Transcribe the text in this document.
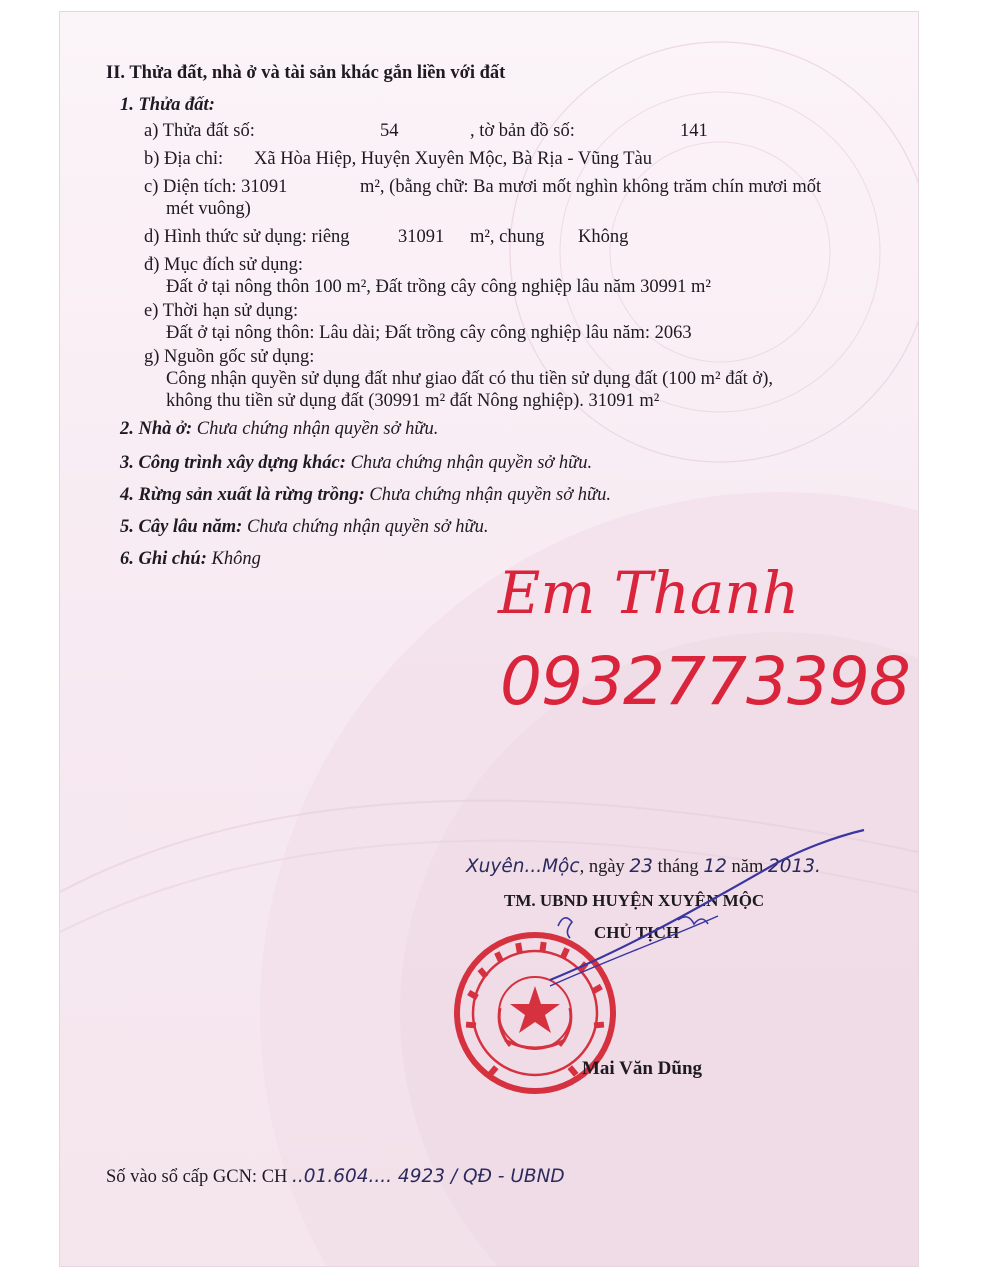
II. Thửa đất, nhà ở và tài sản khác gắn liền với đất
1. Thửa đất:
a) Thửa đất số:	54	, tờ bản đồ số:	141
b) Địa chỉ: Xã Hòa Hiệp, Huyện Xuyên Mộc, Bà Rịa - Vũng Tàu
c) Diện tích: 31091	m², (bằng chữ: Ba mươi mốt nghìn không trăm chín mươi mốt
mét vuông)
d) Hình thức sử dụng: riêng	31091 m², chung Không
đ) Mục đích sử dụng:
Đất ở tại nông thôn 100 m², Đất trồng cây công nghiệp lâu năm 30991 m²
e) Thời hạn sử dụng:
Đất ở tại nông thôn: Lâu dài; Đất trồng cây công nghiệp lâu năm: 2063
g) Nguồn gốc sử dụng:
Công nhận quyền sử dụng đất như giao đất có thu tiền sử dụng đất (100 m² đất ở),
không thu tiền sử dụng đất (30991 m² đất Nông nghiệp). 31091 m²
2. Nhà ở: Chưa chứng nhận quyền sở hữu.
3. Công trình xây dựng khác: Chưa chứng nhận quyền sở hữu.
4. Rừng sản xuất là rừng trồng: Chưa chứng nhận quyền sở hữu.
5. Cây lâu năm: Chưa chứng nhận quyền sở hữu.
6. Ghi chú: Không	Em Thanh
0932773398
Xuyên...Mộc, ngày 23 tháng 12 năm 2013.
TM. UBND HUYỆN XUYÊN MỘC
CHỦ TỊCH
Mai Văn Dũng
Số vào sổ cấp GCN: CH ..01.604.... 4923 / QĐ - UBND
